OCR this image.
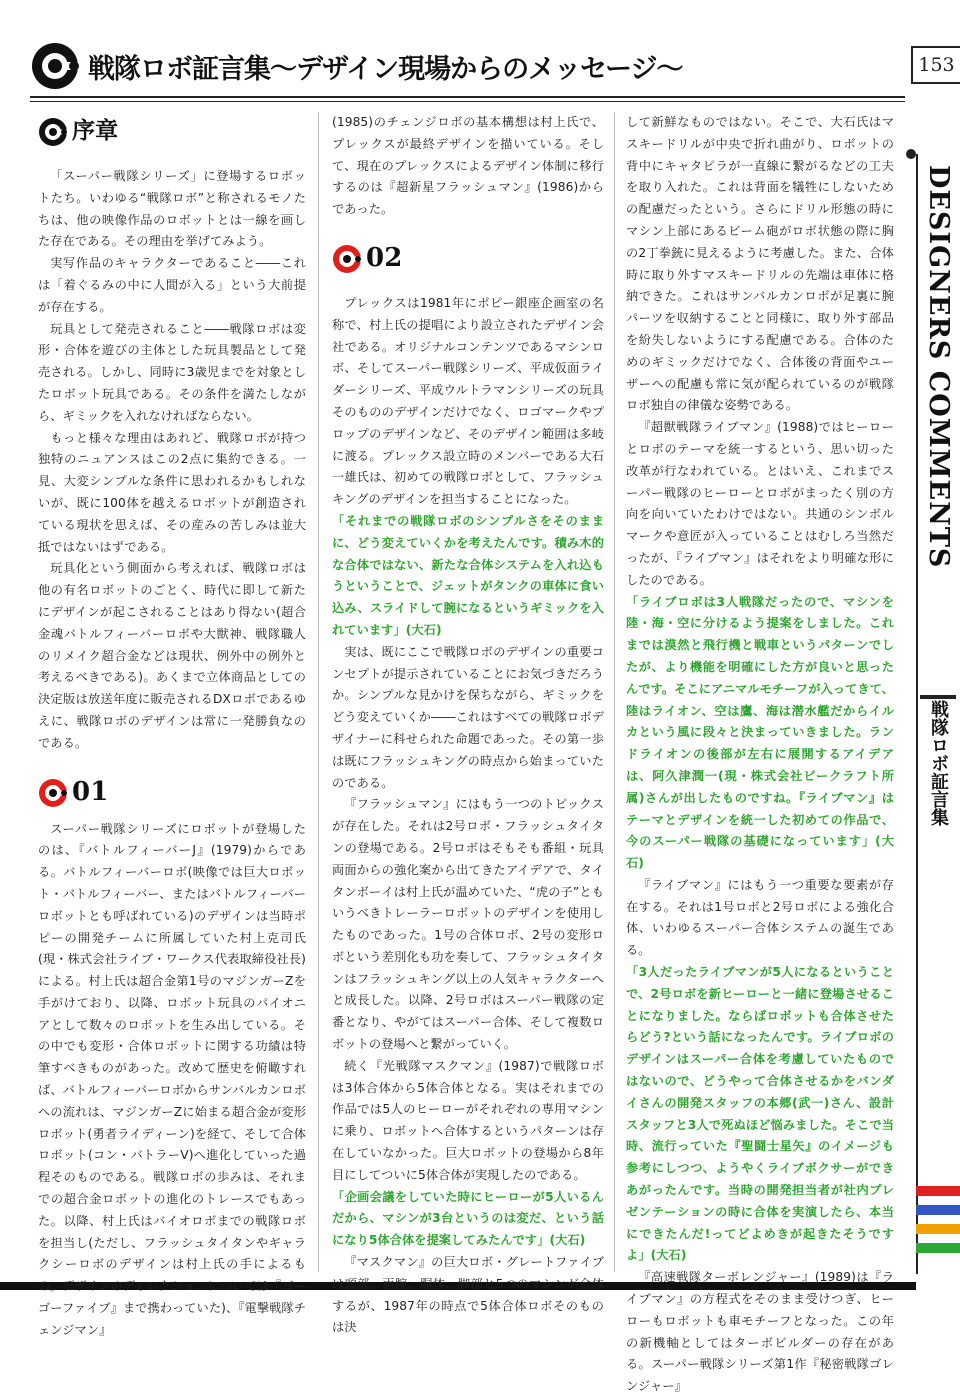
戦隊ロボ証言集〜デザイン現場からのメッセージ〜	153
DESIGNERS COMMENTS
戦隊ロボ証言集
序章

「スーパー戦隊シリーズ」に登場するロボットたち。いわゆる“戦隊ロボ”と称されるモノたちは、他の映像作品のロボットとは一線を画した存在である。その理由を挙げてみよう。

実写作品のキャラクターであること――これは「着ぐるみの中に人間が入る」という大前提が存在する。

玩具として発売されること――戦隊ロボは変形・合体を遊びの主体とした玩具製品として発売される。しかし、同時に3歳児までを対象としたロボット玩具である。その条件を満たしながら、ギミックを入れなければならない。

もっと様々な理由はあれど、戦隊ロボが持つ独特のニュアンスはこの2点に集約できる。一見、大変シンプルな条件に思われるかもしれないが、既に100体を越えるロボットが創造されている現状を思えば、その産みの苦しみは並大抵ではないはずである。

玩具化という側面から考えれば、戦隊ロボは他の有名ロボットのごとく、時代に即して新たにデザインが起こされることはあり得ない(超合金魂バトルフィーバーロボや大獣神、戦隊職人のリメイク超合金などは現状、例外中の例外と考えるべきである)。あくまで立体商品としての決定版は放送年度に販売されるDXロボであるゆえに、戦隊ロボのデザインは常に一発勝負なのである。

01

スーパー戦隊シリーズにロボットが登場したのは、『バトルフィーバーJ』(1979)からである。バトルフィーバーロボ(映像では巨大ロボット・バトルフィーバー、またはバトルフィーバーロボットとも呼ばれている)のデザインは当時ポピーの開発チームに所属していた村上克司氏(現・株式会社ライブ・ワークス代表取締役社長)による。村上氏は超合金第1号のマジンガーZを手がけており、以降、ロボット玩具のパイオニアとして数々のロボットを生み出している。その中でも変形・合体ロボットに関する功績は特筆すべきものがあった。改めて歴史を俯瞰すれば、バトルフィーバーロボからサンバルカンロボへの流れは、マジンガーZに始まる超合金が変形ロボット(勇者ライディーン)を経て、そして合体ロボット(コン・バトラーV)へ進化していった過程そのものである。戦隊ロボの歩みは、それまでの超合金ロボットの進化のトレースでもあった。以降、村上氏はバイオロボまでの戦隊ロボを担当し(ただし、フラッシュタイタンやギャラクシーロボのデザインは村上氏の手によるもの。デザインのディレクションについては『ゴーゴーファイブ』まで携わっていた)、『電撃戦隊チェンジマン』

(1985)のチェンジロボの基本構想は村上氏で、プレックスが最終デザインを描いている。そして、現在のプレックスによるデザイン体制に移行するのは『超新星フラッシュマン』(1986)からであった。

02

プレックスは1981年にポピー銀座企画室の名称で、村上氏の提唱により設立されたデザイン会社である。オリジナルコンテンツであるマシンロボ、そしてスーパー戦隊シリーズ、平成仮面ライダーシリーズ、平成ウルトラマンシリーズの玩具そのもののデザインだけでなく、ロゴマークやプロップのデザインなど、そのデザイン範囲は多岐に渡る。プレックス設立時のメンバーである大石一雄氏は、初めての戦隊ロボとして、フラッシュキングのデザインを担当することになった。

「それまでの戦隊ロボのシンプルさをそのままに、どう変えていくかを考えたんです。積み木的な合体ではない、新たな合体システムを入れ込もうということで、ジェットがタンクの車体に食い込み、スライドして腕になるというギミックを入れています」(大石)

実は、既にここで戦隊ロボのデザインの重要コンセプトが提示されていることにお気づきだろうか。シンプルな見かけを保ちながら、ギミックをどう変えていくか――これはすべての戦隊ロボデザイナーに科せられた命題であった。その第一歩は既にフラッシュキングの時点から始まっていたのである。

『フラッシュマン』にはもう一つのトピックスが存在した。それは2号ロボ・フラッシュタイタンの登場である。2号ロボはそもそも番組・玩具両面からの強化案から出てきたアイデアで、タイタンボーイは村上氏が温めていた、“虎の子”ともいうべきトレーラーロボットのデザインを使用したものであった。1号の合体ロボ、2号の変形ロボという差別化も功を奏して、フラッシュタイタンはフラッシュキング以上の人気キャラクターへと成長した。以降、2号ロボはスーパー戦隊の定番となり、やがてはスーパー合体、そして複数ロボットの登場へと繋がっていく。

続く『光戦隊マスクマン』(1987)で戦隊ロボは3体合体から5体合体となる。実はそれまでの作品では5人のヒーローがそれぞれの専用マシンに乗り、ロボットへ合体するというパターンは存在していなかった。巨大ロボットの登場から8年目にしてついに5体合体が実現したのである。

「企画会議をしていた時にヒーローが5人いるんだから、マシンが3台というのは変だ、という話になり5体合体を提案してみたんです」(大石)

『マスクマン』の巨大ロボ・グレートファイブは頭部、両腕、胴体、脚部と5つのマシンが合体するが、1987年の時点で5体合体ロボそのものは決

して新鮮なものではない。そこで、大石氏はマスキードリルが中央で折れ曲がり、ロボットの背中にキャタピラが一直線に繋がるなどの工夫を取り入れた。これは背面を犠牲にしないための配慮だったという。さらにドリル形態の時にマシン上部にあるビーム砲がロボ状態の際に胸の2丁拳銃に見えるように考慮した。また、合体時に取り外すマスキードリルの先端は車体に格納できた。これはサンバルカンロボが足裏に腕パーツを収納することと同様に、取り外す部品を紛失しないようにする配慮である。合体のためのギミックだけでなく、合体後の背面やユーザーへの配慮も常に気が配られているのが戦隊ロボ独自の律儀な姿勢である。

『超獣戦隊ライブマン』(1988)ではヒーローとロボのテーマを統一するという、思い切った改革が行なわれている。とはいえ、これまでスーパー戦隊のヒーローとロボがまったく別の方向を向いていたわけではない。共通のシンボルマークや意匠が入っていることはむしろ当然だったが、『ライブマン』はそれをより明確な形にしたのである。

「ライブロボは3人戦隊だったので、マシンを陸・海・空に分けるよう提案をしました。これまでは漠然と飛行機と戦車というパターンでしたが、より機能を明確にした方が良いと思ったんです。そこにアニマルモチーフが入ってきて、陸はライオン、空は鷹、海は潜水艦だからイルカという風に段々と決まっていきました。ランドライオンの後部が左右に展開するアイデアは、阿久津潤一(現・株式会社ビークラフト所属)さんが出したものですね。『ライブマン』はテーマとデザインを統一した初めての作品で、今のスーパー戦隊の基礎になっています」(大石)

『ライブマン』にはもう一つ重要な要素が存在する。それは1号ロボと2号ロボによる強化合体、いわゆるスーパー合体システムの誕生である。

「3人だったライブマンが5人になるということで、2号ロボを新ヒーローと一緒に登場させることになりました。ならばロボットも合体させたらどう?という話になったんです。ライブロボのデザインはスーパー合体を考慮していたものではないので、どうやって合体させるかをバンダイさんの開発スタッフの本郷(武一)さん、設計スタッフと3人で死ぬほど悩みました。そこで当時、流行っていた『聖闘士星矢』のイメージも参考にしつつ、ようやくライブボクサーができあがったんです。当時の開発担当者が社内プレゼンテーションの時に合体を実演したら、本当にできたんだ!ってどよめきが起きたそうですよ」(大石)

『高速戦隊ターボレンジャー』(1989)は『ライブマン』の方程式をそのまま受けつぎ、ヒーローもロボットも車モチーフとなった。この年の新機軸としてはターボビルダーの存在がある。スーパー戦隊シリーズ第1作『秘密戦隊ゴレンジャー』
